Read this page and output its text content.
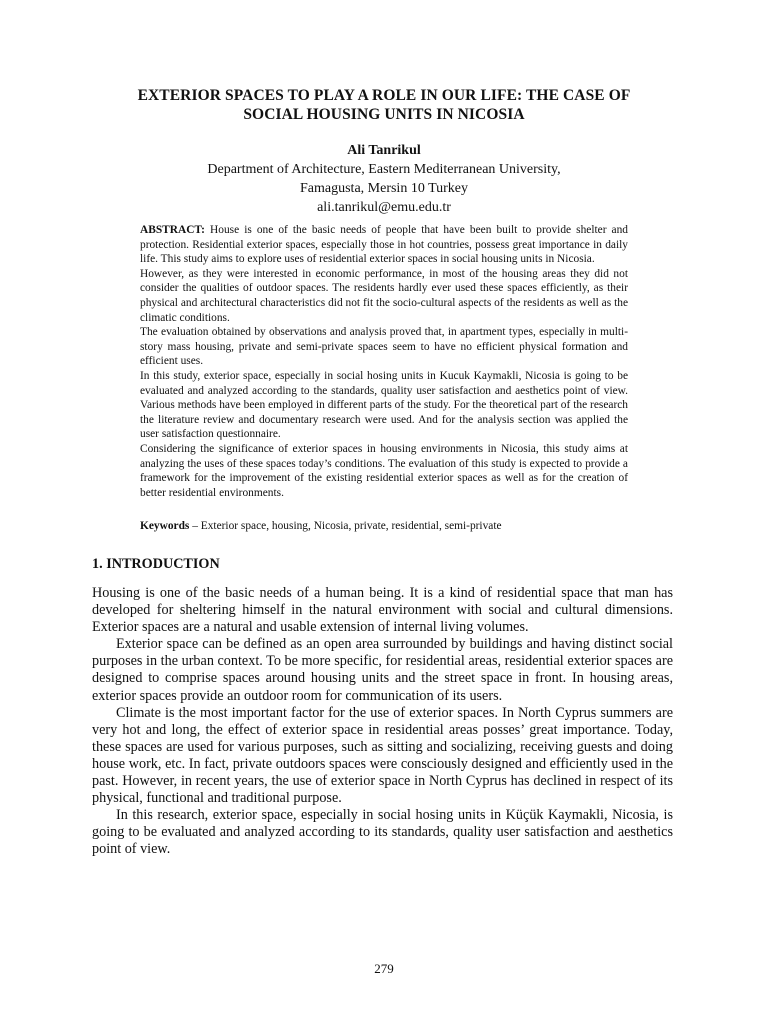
EXTERIOR SPACES TO PLAY A ROLE IN OUR LIFE: THE CASE OF
SOCIAL HOUSING UNITS IN NICOSIA
Ali Tanrikul
Department of Architecture, Eastern Mediterranean University,
Famagusta, Mersin 10 Turkey
ali.tanrikul@emu.edu.tr

ABSTRACT: House is one of the basic needs of people that have been built to provide shelter and protection. Residential exterior spaces, especially those in hot countries, possess great importance in daily life. This study aims to explore uses of residential exterior spaces in social housing units in Nicosia.

However, as they were interested in economic performance, in most of the housing areas they did not consider the qualities of outdoor spaces. The residents hardly ever used these spaces efficiently, as their physical and architectural characteristics did not fit the socio-cultural aspects of the residents as well as the climatic conditions.

The evaluation obtained by observations and analysis proved that, in apartment types, especially in multi-story mass housing, private and semi-private spaces seem to have no efficient physical formation and efficient uses.

In this study, exterior space, especially in social hosing units in Kucuk Kaymakli, Nicosia is going to be evaluated and analyzed according to the standards, quality user satisfaction and aesthetics point of view. Various methods have been employed in different parts of the study. For the theoretical part of the research the literature review and documentary research were used. And for the analysis section was applied the user satisfaction questionnaire.

Considering the significance of exterior spaces in housing environments in Nicosia, this study aims at analyzing the uses of these spaces today’s conditions. The evaluation of this study is expected to provide a framework for the improvement of the existing residential exterior spaces as well as for the creation of better residential environments.

Keywords – Exterior space, housing, Nicosia, private, residential, semi-private
1. INTRODUCTION

Housing is one of the basic needs of a human being. It is a kind of residential space that man has developed for sheltering himself in the natural environment with social and cultural dimensions. Exterior spaces are a natural and usable extension of internal living volumes.

Exterior space can be defined as an open area surrounded by buildings and having distinct social purposes in the urban context. To be more specific, for residential areas, residential exterior spaces are designed to comprise spaces around housing units and the street space in front. In housing areas, exterior spaces provide an outdoor room for communication of its users.

Climate is the most important factor for the use of exterior spaces. In North Cyprus summers are very hot and long, the effect of exterior space in residential areas posses’ great importance. Today, these spaces are used for various purposes, such as sitting and socializing, receiving guests and doing house work, etc. In fact, private outdoors spaces were consciously designed and efficiently used in the past. However, in recent years, the use of exterior space in North Cyprus has declined in respect of its physical, functional and traditional purpose.

In this research, exterior space, especially in social hosing units in Küçük Kaymakli, Nicosia, is going to be evaluated and analyzed according to its standards, quality user satisfaction and aesthetics point of view.

279
